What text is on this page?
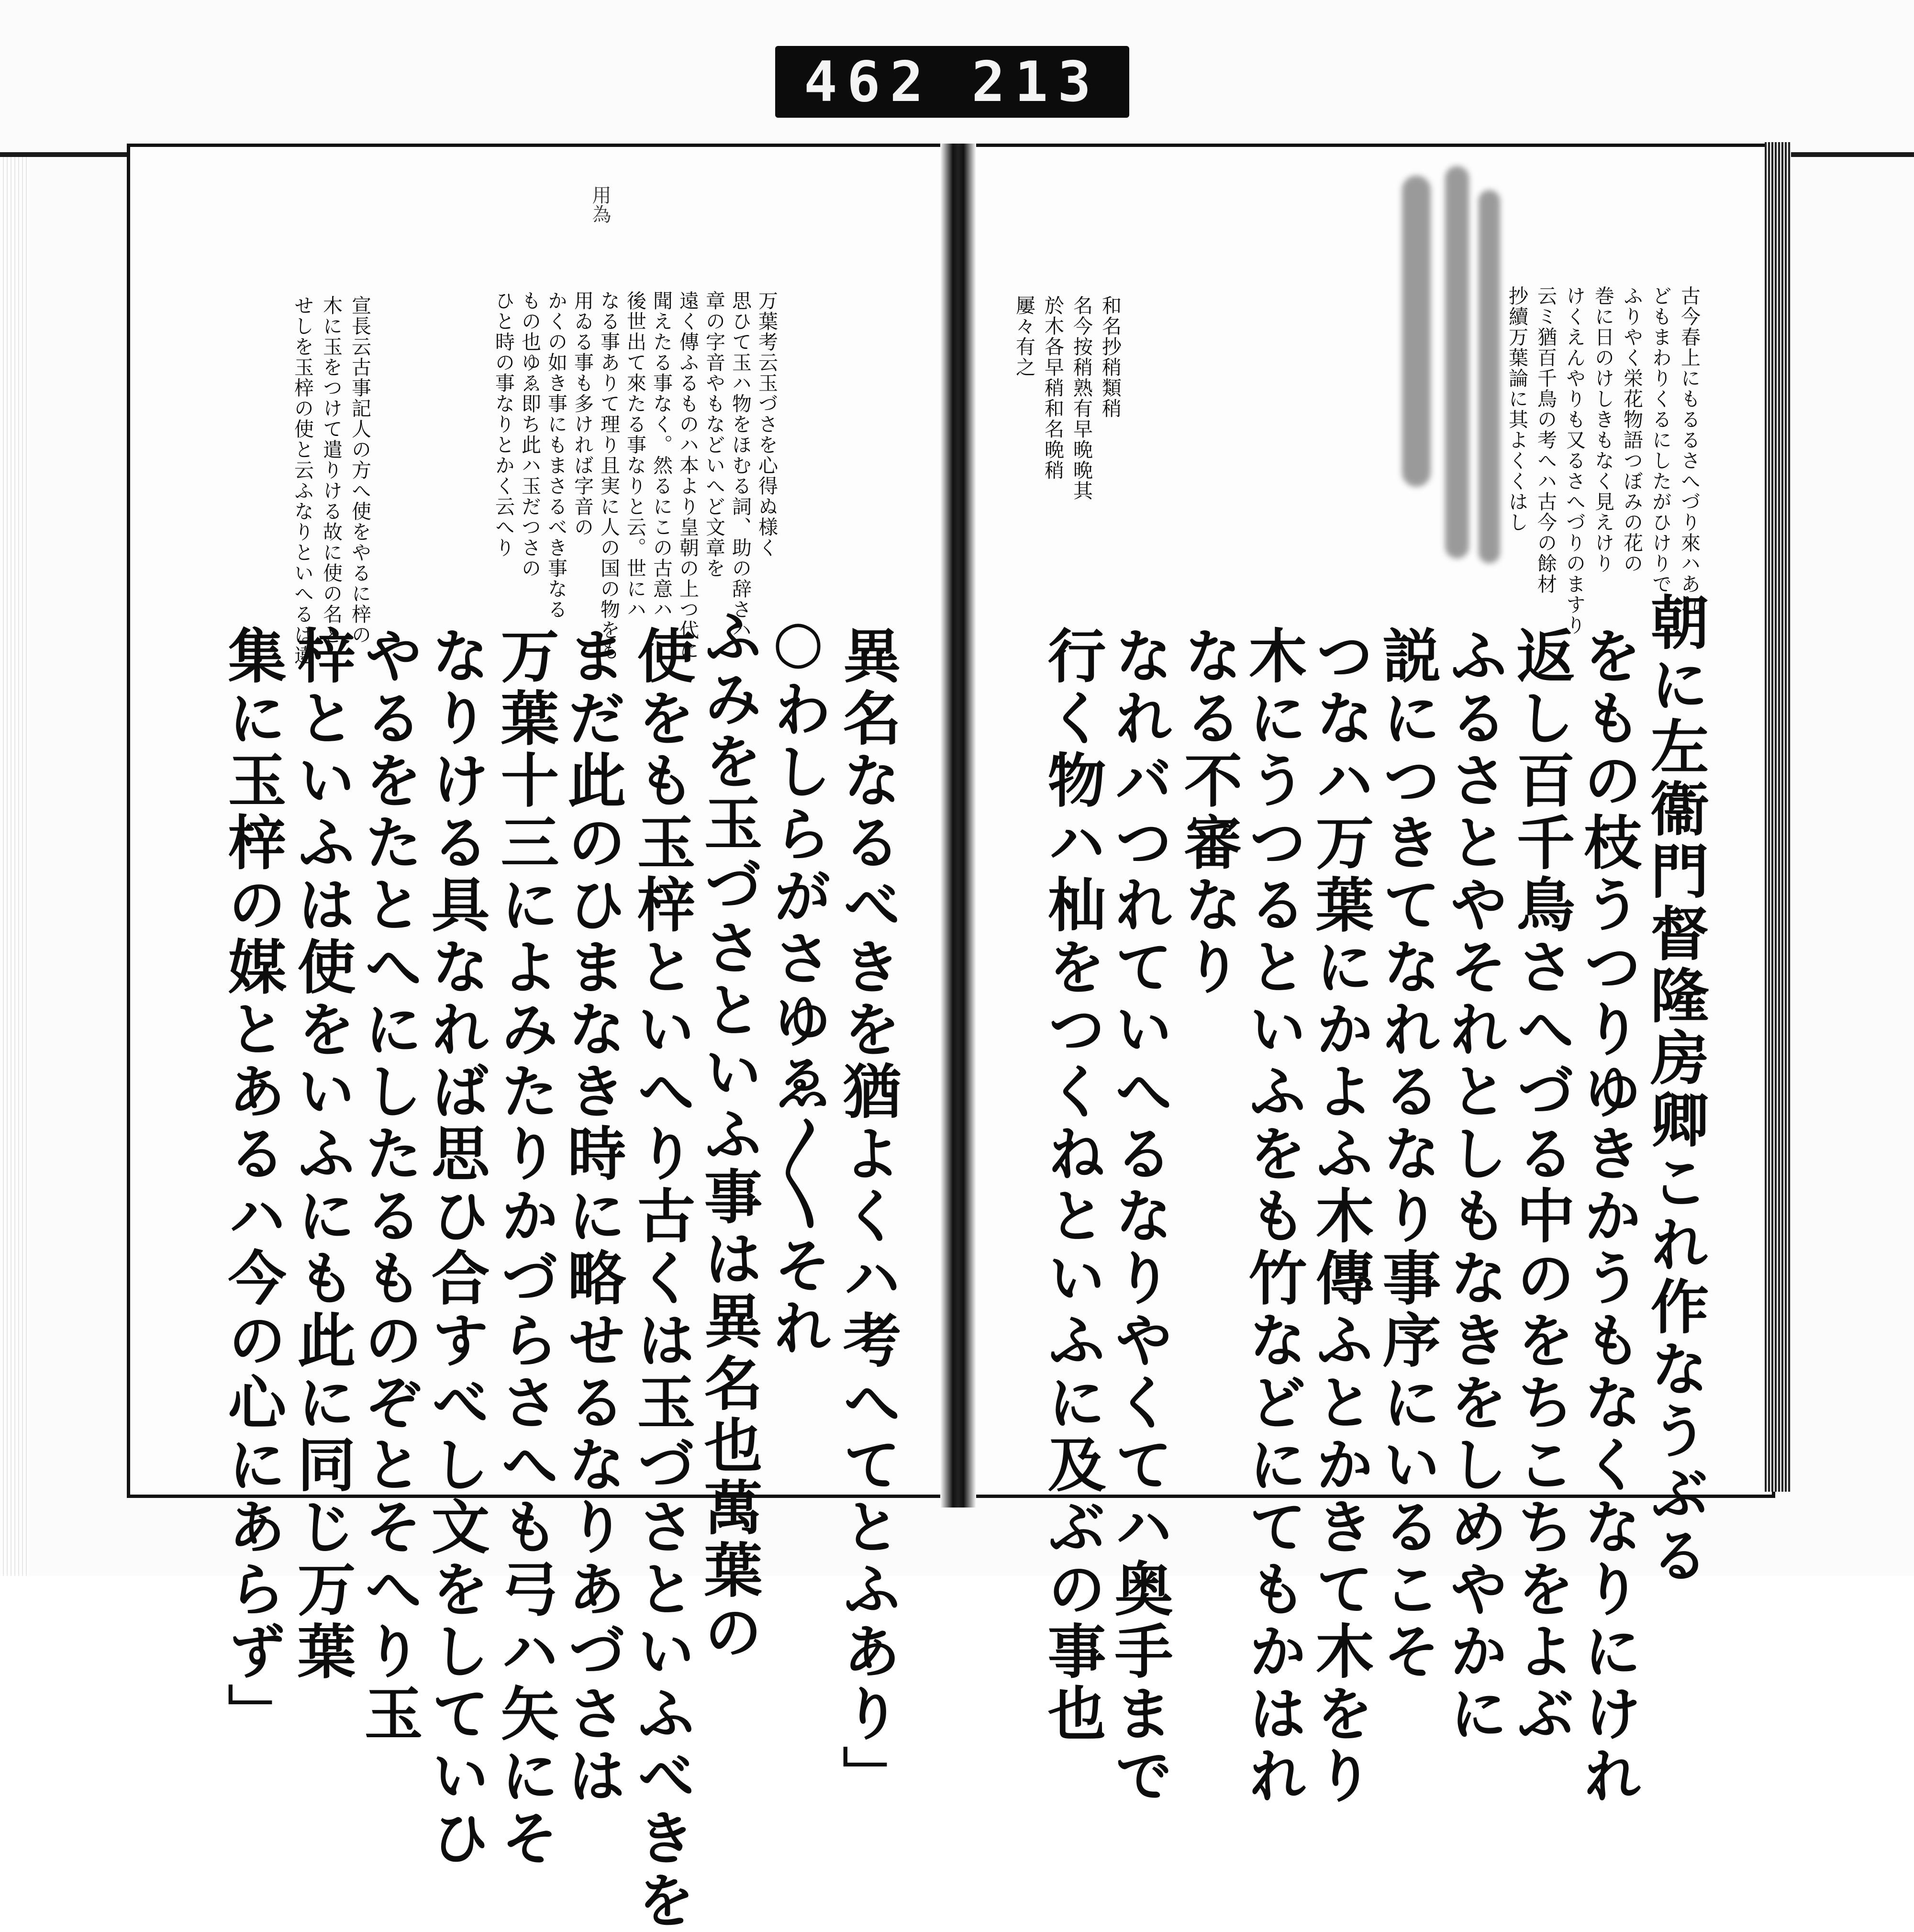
462 213
用為
万葉考云玉づさを心得ぬ様く
思ひて玉ハ物をほむる詞、助の辞さハ
章の字音やもなどいへど文章を
遠く傳ふるものハ本より皇朝の上つ代に
聞えたる事なく。然るにこの古意ハ
後世出て來たる事なりと云。世にハ
なる事ありて理り且実に人の国の物をも
用ゐる事も多ければ字音の
かくの如き事にもまさるべき事なる
もの也ゆゑ即ち此ハ玉だつさの
ひと時の事なりとかく云へり
宣長云古事記人の方へ使をやるに梓の
木に玉をつけて遣りける故に使の名と
せしを玉梓の使と云ふなりといへるは違
異名なるべきを猶よくハ考へてとふあり」
○わしらがさゆゑ〳〵それ
ふみを玉づさといふ事は異名也萬葉の
使をも玉梓といへり古くは玉づさといふべきを
まだ此のひまなき時に略せるなりあづさは
万葉十三によみたりかづらさへも弓ハ矢にそ
なりける具なれば思ひ合すべし文をしていひ
やるをたとへにしたるものぞとそへり玉
梓といふは使をいふにも此に同じ万葉
集に玉梓の媒とあるハ今の心にあらず」
古今春上にもるるさへづり來ハあれ
どもまわりくるにしたがひけりで
ふりやく栄花物語つぼみの花の
巻に日のけしきもなく見えけり
けくえんやりも又るさへづりのますり
云ミ猶百千鳥の考へハ古今の餘材
抄續万葉論に其よくくはし
和名抄稍類稍
名今按稍熟有早晩晩其
於木各早稍和名晩稍
屢々有之
朝に左衞門督隆房卿これ作なうぶる
をもの枝うつりゆきかうもなくなりにけれ
返し百千鳥さへづる中のをちこちをよぶ
ふるさとやそれとしもなきをしめやかに
説につきてなれるなり事序にいるこそ
つなハ万葉にかよふ木傳ふとかきて木をり
木にうつるといふをも竹などにてもかはれ
なる不審なり
なれバつれていへるなりやくてハ奥手まで
行く物ハ杣をつくねといふに及ぶの事也
